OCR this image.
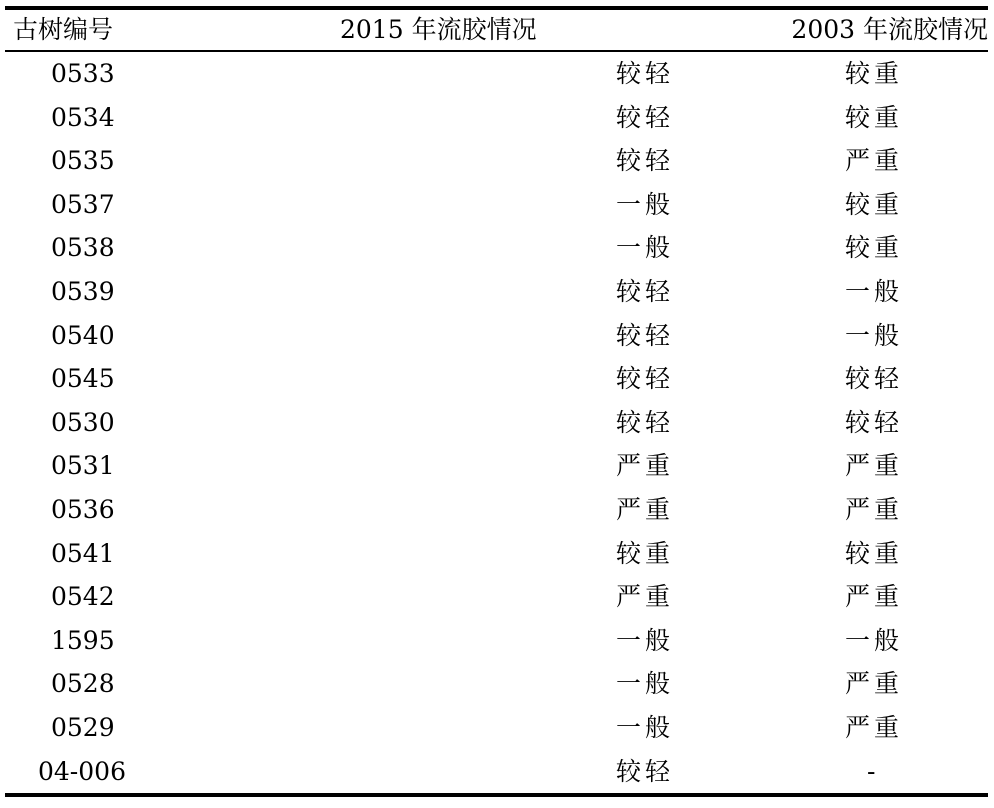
古树编号	2015 年流胶情况	2003 年流胶情况
0533	较轻	较重
0534	较轻	较重
0535	较轻	严重
0537	一般	较重
0538	一般	较重
0539	较轻	一般
0540	较轻	一般
0545	较轻	较轻
0530	较轻	较轻
0531	严重	严重
0536	严重	严重
0541	较重	较重
0542	严重	严重
1595	一般	一般
0528	一般	严重
0529	一般	严重
04-006	较轻	-
